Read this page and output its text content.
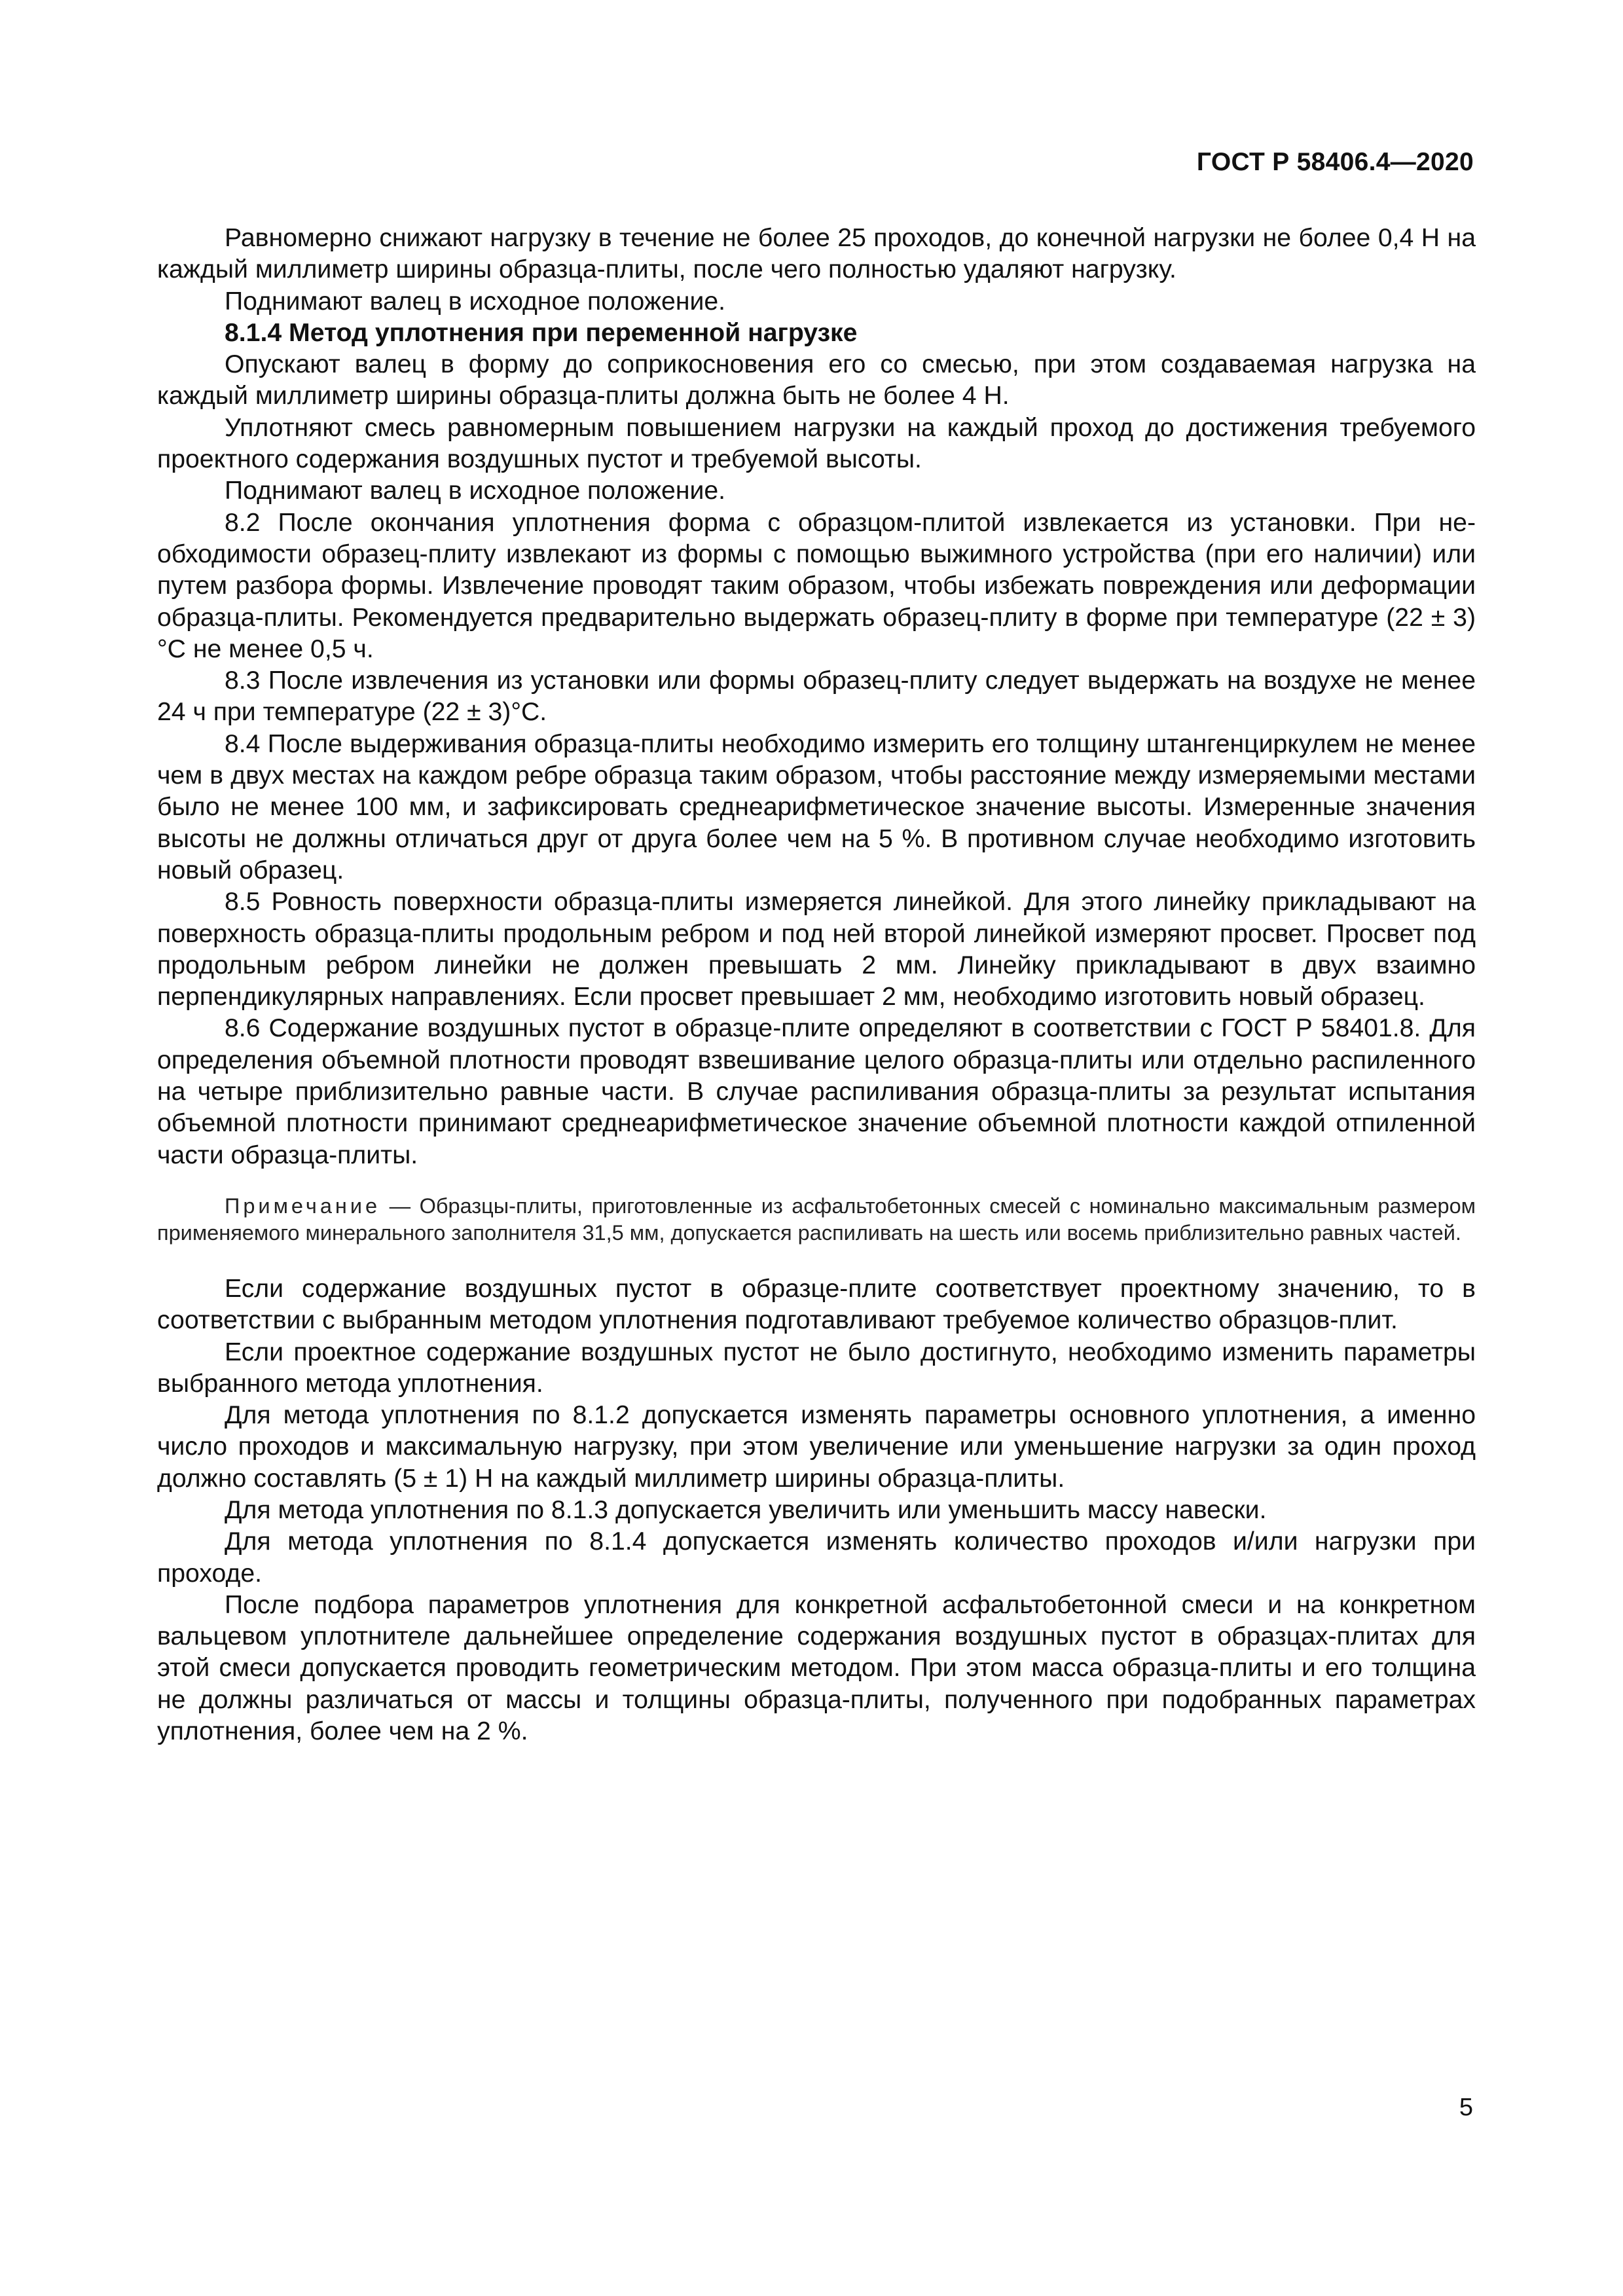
ГОСТ Р 58406.4—2020

Равномерно снижают нагрузку в течение не более 25 проходов, до конечной нагрузки не более 0,4 Н на каждый миллиметр ширины образца-плиты, после чего полностью удаляют нагрузку.

Поднимают валец в исходное положение.

8.1.4 Метод уплотнения при переменной нагрузке

Опускают валец в форму до соприкосновения его со смесью, при этом создаваемая нагрузка на каждый миллиметр ширины образца-плиты должна быть не более 4 Н.

Уплотняют смесь равномерным повышением нагрузки на каждый проход до достижения требуемого проектного содержания воздушных пустот и требуемой высоты.

Поднимают валец в исходное положение.

8.2 После окончания уплотнения форма с образцом-плитой извлекается из установки. При необходимости образец-плиту извлекают из формы с помощью выжимного устройства (при его наличии) или путем разбора формы. Извлечение проводят таким образом, чтобы избежать повреждения или деформации образца-плиты. Рекомендуется предварительно выдержать образец-плиту в форме при температуре (22 ± 3) °С не менее 0,5 ч.

8.3 После извлечения из установки или формы образец-плиту следует выдержать на воздухе не менее 24 ч при температуре (22 ± 3)°С.

8.4 После выдерживания образца-плиты необходимо измерить его толщину штангенциркулем не менее чем в двух местах на каждом ребре образца таким образом, чтобы расстояние между измеряемыми местами было не менее 100 мм, и зафиксировать среднеарифметическое значение высоты. Измеренные значения высоты не должны отличаться друг от друга более чем на 5 %. В противном случае необходимо изготовить новый образец.

8.5 Ровность поверхности образца-плиты измеряется линейкой. Для этого линейку прикладывают на поверхность образца-плиты продольным ребром и под ней второй линейкой измеряют просвет. Просвет под продольным ребром линейки не должен превышать 2 мм. Линейку прикладывают в двух взаимно перпендикулярных направлениях. Если просвет превышает 2 мм, необходимо изготовить новый образец.

8.6 Содержание воздушных пустот в образце-плите определяют в соответствии с ГОСТ Р 58401.8. Для определения объемной плотности проводят взвешивание целого образца-плиты или отдельно распиленного на четыре приблизительно равные части. В случае распиливания образца-плиты за результат испытания объемной плотности принимают среднеарифметическое значение объемной плотности каждой отпиленной части образца-плиты.

Примечание — Образцы-плиты, приготовленные из асфальтобетонных смесей с номинально максимальным размером применяемого минерального заполнителя 31,5 мм, допускается распиливать на шесть или восемь приблизительно равных частей.

Если содержание воздушных пустот в образце-плите соответствует проектному значению, то в соответствии с выбранным методом уплотнения подготавливают требуемое количество образцов-плит.

Если проектное содержание воздушных пустот не было достигнуто, необходимо изменить параметры выбранного метода уплотнения.

Для метода уплотнения по 8.1.2 допускается изменять параметры основного уплотнения, а именно число проходов и максимальную нагрузку, при этом увеличение или уменьшение нагрузки за один проход должно составлять (5 ± 1) Н на каждый миллиметр ширины образца-плиты.

Для метода уплотнения по 8.1.3 допускается увеличить или уменьшить массу навески.

Для метода уплотнения по 8.1.4 допускается изменять количество проходов и/или нагрузки при проходе.

После подбора параметров уплотнения для конкретной асфальтобетонной смеси и на конкретном вальцевом уплотнителе дальнейшее определение содержания воздушных пустот в образцах-плитах для этой смеси допускается проводить геометрическим методом. При этом масса образца-плиты и его толщина не должны различаться от массы и толщины образца-плиты, полученного при подобранных параметрах уплотнения, более чем на 2 %.

5
